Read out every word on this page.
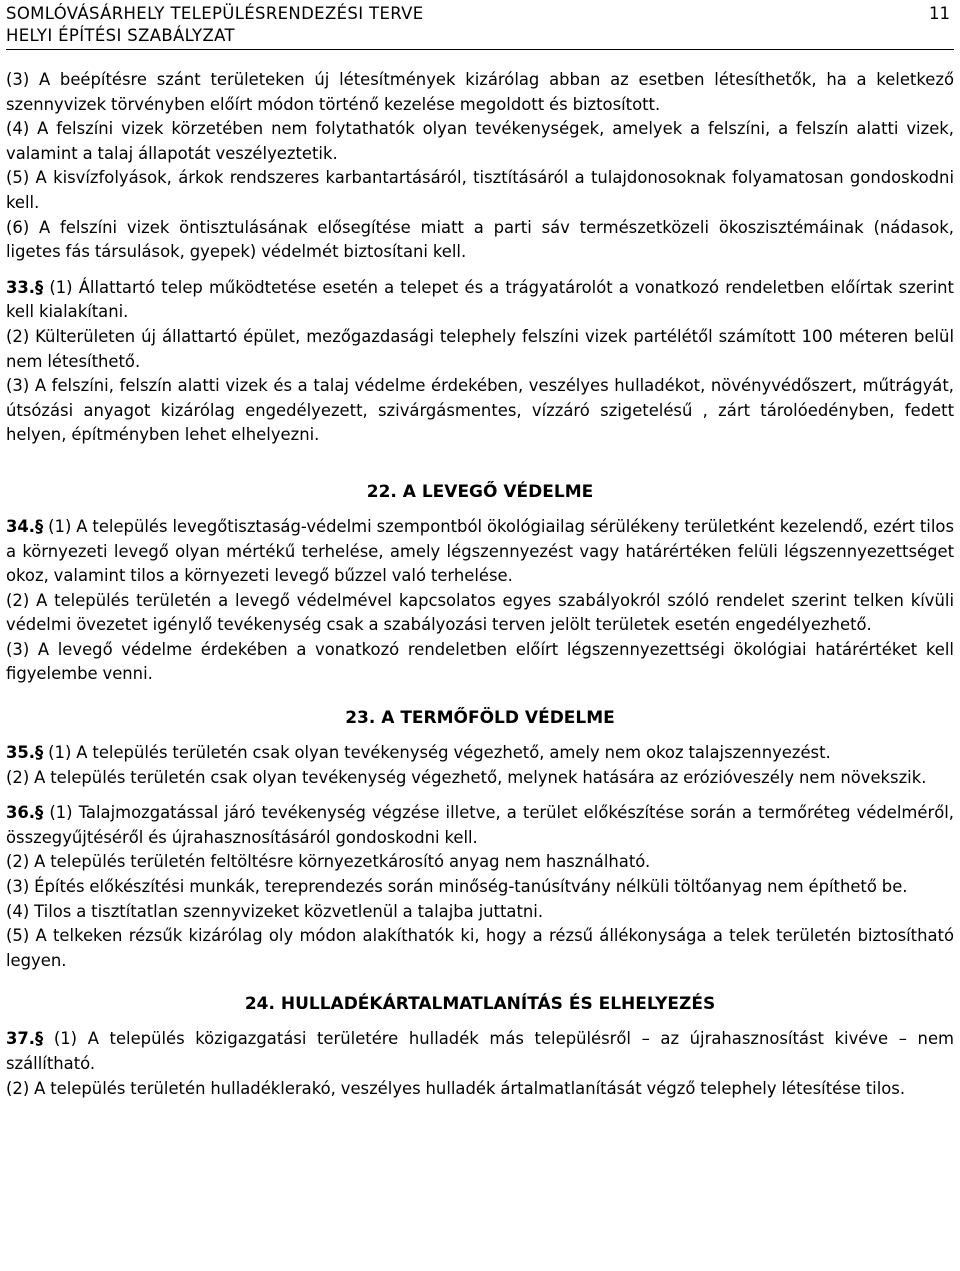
SOMLÓVÁSÁRHELY TELEPÜLÉSRENDEZÉSI TERVE
HELYI ÉPÍTÉSI SZABÁLYZAT
11

(3) A beépítésre szánt területeken új létesítmények kizárólag abban az esetben létesíthetők, ha a keletkező szennyvizek törvényben előírt módon történő kezelése megoldott és biztosított.

(4) A felszíni vizek körzetében nem folytathatók olyan tevékenységek, amelyek a felszíni, a felszín alatti vizek, valamint a talaj állapotát veszélyeztetik.

(5) A kisvízfolyások, árkok rendszeres karbantartásáról, tisztításáról a tulajdonosoknak folyamatosan gondoskodni kell.

(6) A felszíni vizek öntisztulásának elősegítése miatt a parti sáv természetközeli ökoszisztémáinak (nádasok, ligetes fás társulások, gyepek) védelmét biztosítani kell.

33.§ (1) Állattartó telep működtetése esetén a telepet és a trágyatárolót a vonatkozó rendeletben előírtak szerint kell kialakítani.

(2) Külterületen új állattartó épület, mezőgazdasági telephely felszíni vizek partélétől számított 100 méteren belül nem létesíthető.

(3) A felszíni, felszín alatti vizek és a talaj védelme érdekében, veszélyes hulladékot, növényvédőszert, műtrágyát, útsózási anyagot kizárólag engedélyezett, szivárgásmentes, vízzáró szigetelésű , zárt tárolóedényben, fedett helyen, építményben lehet elhelyezni.

22. A LEVEGŐ VÉDELME

34.§ (1) A település levegőtisztaság-védelmi szempontból ökológiailag sérülékeny területként kezelendő, ezért tilos a környezeti levegő olyan mértékű terhelése, amely légszennyezést vagy határértéken felüli légszennyezettséget okoz, valamint tilos a környezeti levegő bűzzel való terhelése.

(2) A település területén a levegő védelmével kapcsolatos egyes szabályokról szóló rendelet szerint telken kívüli védelmi övezetet igénylő tevékenység csak a szabályozási terven jelölt területek esetén engedélyezhető.

(3) A levegő védelme érdekében a vonatkozó rendeletben előírt légszennyezettségi ökológiai határértéket kell figyelembe venni.

23. A TERMŐFÖLD VÉDELME

35.§ (1) A település területén csak olyan tevékenység végezhető, amely nem okoz talajszennyezést.

(2) A település területén csak olyan tevékenység végezhető, melynek hatására az erózióveszély nem növekszik.

36.§ (1) Talajmozgatással járó tevékenység végzése illetve, a terület előkészítése során a termőréteg védelméről, összegyűjtéséről és újrahasznosításáról gondoskodni kell.

(2) A település területén feltöltésre környezetkárosító anyag nem használható.

(3) Építés előkészítési munkák, tereprendezés során minőség-tanúsítvány nélküli töltőanyag nem építhető be.

(4) Tilos a tisztítatlan szennyvizeket közvetlenül a talajba juttatni.

(5) A telkeken rézsűk kizárólag oly módon alakíthatók ki, hogy a rézsű állékonysága a telek területén biztosítható legyen.

24. HULLADÉKÁRTALMATLANÍTÁS ÉS ELHELYEZÉS

37.§ (1) A település közigazgatási területére hulladék más településről – az újrahasznosítást kivéve – nem szállítható.

(2) A település területén hulladéklerakó, veszélyes hulladék ártalmatlanítását végző telephely létesítése tilos.
